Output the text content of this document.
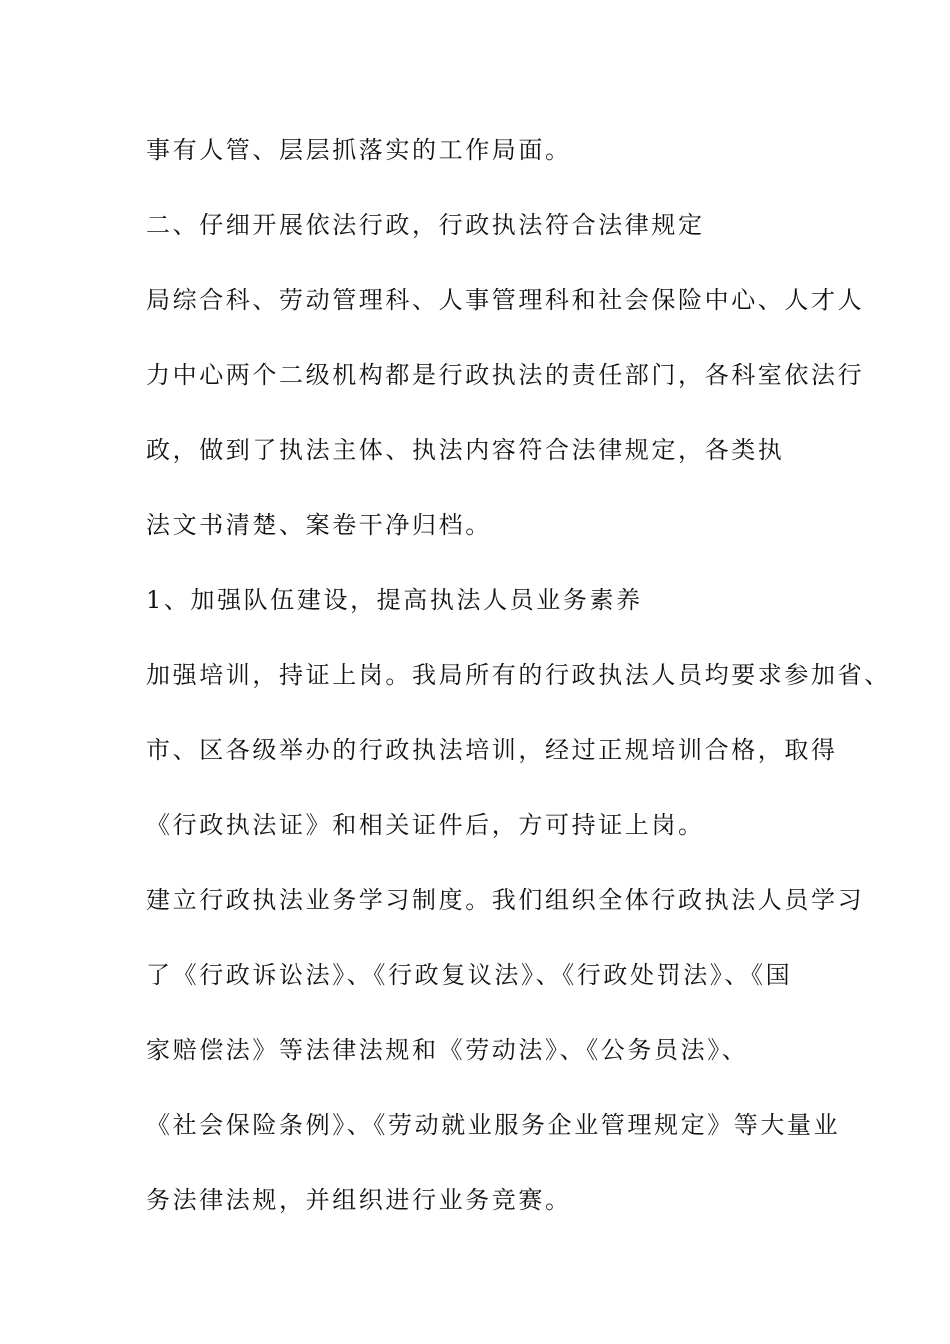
事有人管、层层抓落实的工作局面。
二、仔细开展依法行政，行政执法符合法律规定
局综合科、劳动管理科、人事管理科和社会保险中心、人才人
力中心两个二级机构都是行政执法的责任部门，各科室依法行
政，做到了执法主体、执法内容符合法律规定，各类执
法文书清楚、案卷干净归档。
1、加强队伍建设，提高执法人员业务素养
加强培训，持证上岗。我局所有的行政执法人员均要求参加省、
市、区各级举办的行政执法培训，经过正规培训合格，取得
《行政执法证》和相关证件后，方可持证上岗。
建立行政执法业务学习制度。我们组织全体行政执法人员学习
了《行政诉讼法》、《行政复议法》、《行政处罚法》、《国
家赔偿法》等法律法规和《劳动法》、《公务员法》、
《社会保险条例》、《劳动就业服务企业管理规定》等大量业
务法律法规，并组织进行业务竞赛。
